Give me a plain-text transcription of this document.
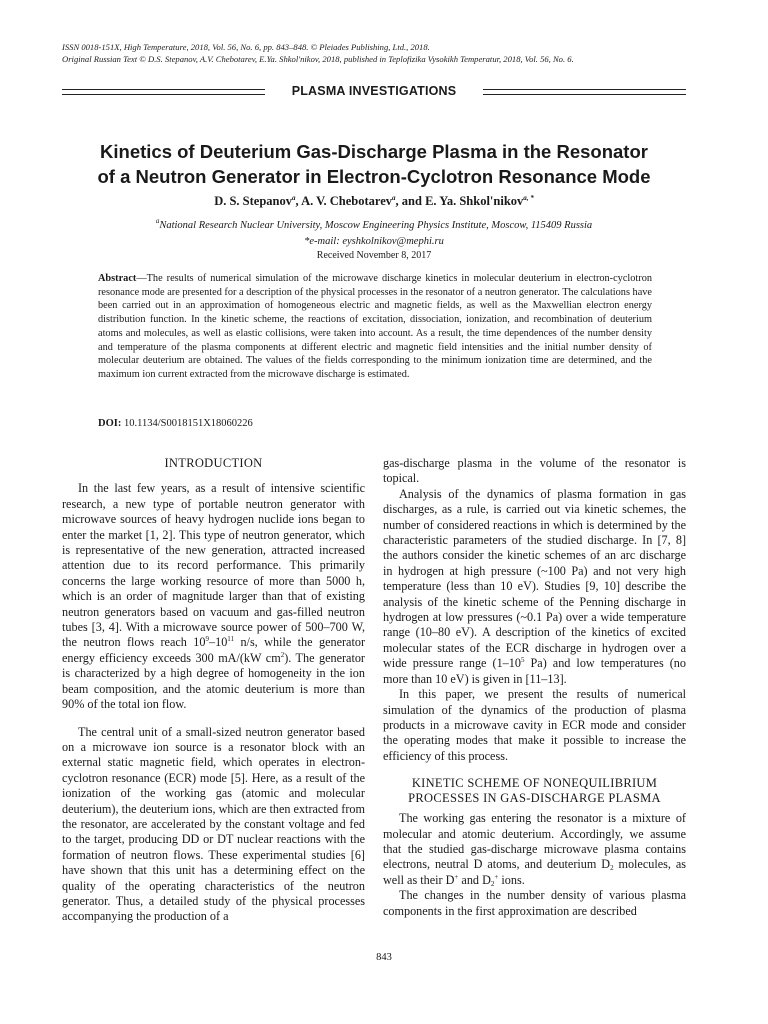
ISSN 0018-151X, High Temperature, 2018, Vol. 56, No. 6, pp. 843–848. © Pleiades Publishing, Ltd., 2018.
Original Russian Text © D.S. Stepanov, A.V. Chebotarev, E.Ya. Shkol'nikov, 2018, published in Teplofizika Vysokikh Temperatur, 2018, Vol. 56, No. 6.
PLASMA INVESTIGATIONS
Kinetics of Deuterium Gas-Discharge Plasma in the Resonator
of a Neutron Generator in Electron-Cyclotron Resonance Mode
D. S. Stepanov$^a$, A. V. Chebotarev$^a$, and E. Ya. Shkol'nikov$^{a, *}$
$^a$National Research Nuclear University, Moscow Engineering Physics Institute, Moscow, 115409 Russia
*e-mail: eyshkolnikov@mephi.ru
Received November 8, 2017
Abstract—The results of numerical simulation of the microwave discharge kinetics in molecular deuterium in electron-cyclotron resonance mode are presented for a description of the physical processes in the resonator of a neutron generator. The calculations have been carried out in an approximation of homogeneous electric and magnetic fields, as well as the Maxwellian electron energy distribution function. In the kinetic scheme, the reactions of excitation, dissociation, ionization, and recombination of deuterium atoms and molecules, as well as elastic collisions, were taken into account. As a result, the time dependences of the number density and temperature of the plasma components at different electric and magnetic field intensities and the initial number density of molecular deuterium are obtained. The values of the fields corresponding to the minimum ionization time are determined, and the maximum ion current extracted from the microwave discharge is estimated.
DOI: 10.1134/S0018151X18060226
INTRODUCTION

In the last few years, as a result of intensive scientific research, a new type of portable neutron generator with microwave sources of heavy hydrogen nuclide ions began to enter the market [1, 2]. This type of neutron generator, which is representative of the new generation, attracted increased attention due to its record performance. This primarily concerns the large working resource of more than 5000 h, which is an order of magnitude larger than that of existing neutron generators based on vacuum and gas-filled neutron tubes [3, 4]. With a microwave source power of 500–700 W, the neutron flows reach $10^9-10^{11}$ n/s, while the generator energy efficiency exceeds 300 mA/(kW $cm^2$). The generator is characterized by a high degree of homogeneity in the ion beam composition, and the atomic deuterium is more than 90% of the total ion flow.

The central unit of a small-sized neutron generator based on a microwave ion source is a resonator block with an external static magnetic field, which operates in electron-cyclotron resonance (ECR) mode [5]. Here, as a result of the ionization of the working gas (atomic and molecular deuterium), the deuterium ions, which are then extracted from the resonator, are accelerated by the constant voltage and fed to the target, producing DD or DT nuclear reactions with the formation of neutron flows. These experimental studies [6] have shown that this unit has a determining effect on the quality of the operating characteristics of the neutron generator. Thus, a detailed study of the physical processes accompanying the production of a

gas-discharge plasma in the volume of the resonator is topical.

Analysis of the dynamics of plasma formation in gas discharges, as a rule, is carried out via kinetic schemes, the number of considered reactions in which is determined by the characteristic parameters of the studied discharge. In [7, 8] the authors consider the kinetic schemes of an arc discharge in hydrogen at high pressure (~100 Pa) and not very high temperature (less than 10 eV). Studies [9, 10] describe the analysis of the kinetic scheme of the Penning discharge in hydrogen at low pressures (~0.1 Pa) over a wide temperature range (10–80 eV). A description of the kinetics of excited molecular states of the ECR discharge in hydrogen over a wide pressure range ($1-10^5$ Pa) and low temperatures (no more than 10 eV) is given in [11–13].

In this paper, we present the results of numerical simulation of the dynamics of the production of plasma products in a microwave cavity in ECR mode and consider the operating modes that make it possible to increase the efficiency of this process.

KINETIC SCHEME OF NONEQUILIBRIUM PROCESSES IN GAS-DISCHARGE PLASMA

The working gas entering the resonator is a mixture of molecular and atomic deuterium. Accordingly, we assume that the studied gas-discharge microwave plasma contains electrons, neutral D atoms, and deuterium $D_2$ molecules, as well as their D+ and $D_2^+$ ions.

The changes in the number density of various plasma components in the first approximation are described

843
